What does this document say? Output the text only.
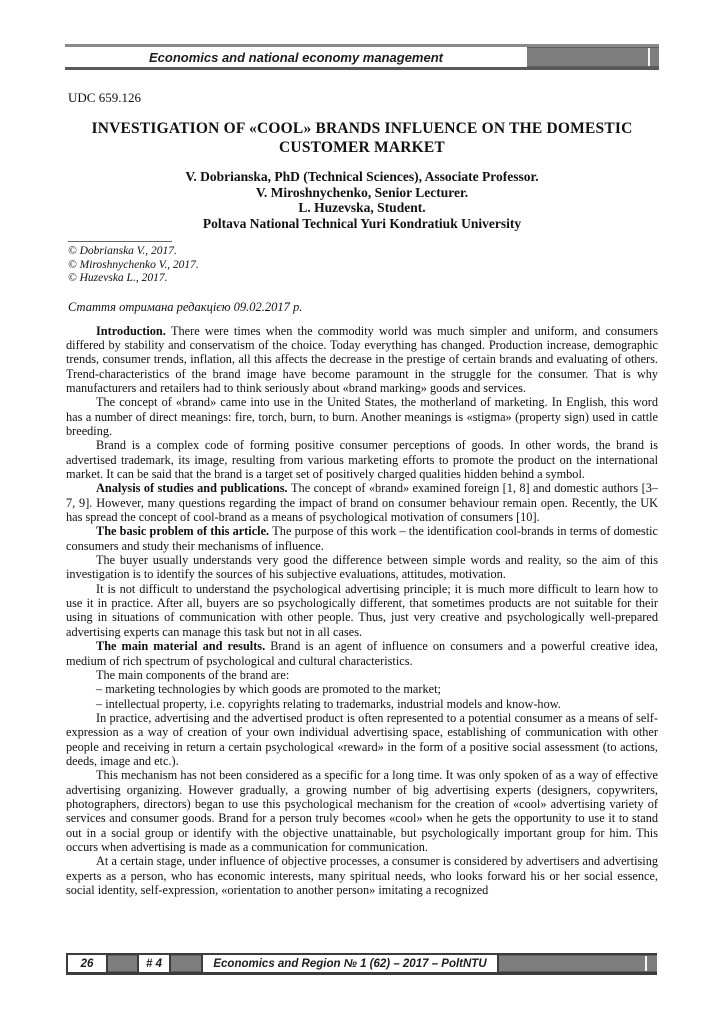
Economics and national economy management
UDC 659.126
INVESTIGATION OF «COOL» BRANDS INFLUENCE ON THE DOMESTIC CUSTOMER MARKET
V. Dobrianska, PhD (Technical Sciences), Associate Professor.
V. Miroshnychenko, Senior Lecturer.
L. Huzevska, Student.
Poltava National Technical Yuri Kondratiuk University
© Dobrianska V., 2017.
© Miroshnychenko V., 2017.
© Huzevska L., 2017.
Стаття отримана редакцією 09.02.2017 р.

Introduction. There were times when the commodity world was much simpler and uniform, and consumers differed by stability and conservatism of the choice. Today everything has changed. Production increase, demographic trends, consumer trends, inflation, all this affects the decrease in the prestige of certain brands and evaluating of others. Trend-characteristics of the brand image have become paramount in the struggle for the consumer. That is why manufacturers and retailers had to think seriously about «brand marking» goods and services.

The concept of «brand» came into use in the United States, the motherland of marketing. In English, this word has a number of direct meanings: fire, torch, burn, to burn. Another meanings is «stigma» (property sign) used in cattle breeding.

Brand is a complex code of forming positive consumer perceptions of goods. In other words, the brand is advertised trademark, its image, resulting from various marketing efforts to promote the product on the international market. It can be said that the brand is a target set of positively charged qualities hidden behind a symbol.

Analysis of studies and publications. The concept of «brand» examined foreign [1, 8] and domestic authors [3–7, 9]. However, many questions regarding the impact of brand on consumer behaviour remain open. Recently, the UK has spread the concept of cool-brand as a means of psychological motivation of consumers [10].

The basic problem of this article. The purpose of this work – the identification cool-brands in terms of domestic consumers and study their mechanisms of influence.

The buyer usually understands very good the difference between simple words and reality, so the aim of this investigation is to identify the sources of his subjective evaluations, attitudes, motivation.

It is not difficult to understand the psychological advertising principle; it is much more difficult to learn how to use it in practice. After all, buyers are so psychologically different, that sometimes products are not suitable for their using in situations of communication with other people. Thus, just very creative and psychologically well-prepared advertising experts can manage this task but not in all cases.

The main material and results. Brand is an agent of influence on consumers and a powerful creative idea, medium of rich spectrum of psychological and cultural characteristics.

The main components of the brand are:

– marketing technologies by which goods are promoted to the market;

– intellectual property, i.e. copyrights relating to trademarks, industrial models and know-how.

In practice, advertising and the advertised product is often represented to a potential consumer as a means of self-expression as a way of creation of your own individual advertising space, establishing of communication with other people and receiving in return a certain psychological «reward» in the form of a positive social assessment (to actions, deeds, image and etc.).

This mechanism has not been considered as a specific for a long time. It was only spoken of as a way of effective advertising organizing. However gradually, a growing number of big advertising experts (designers, copywriters, photographers, directors) began to use this psychological mechanism for the creation of «cool» advertising variety of services and consumer goods. Brand for a person truly becomes «cool» when he gets the opportunity to use it to stand out in a social group or identify with the objective unattainable, but psychologically important group for him. This occurs when advertising is made as a communication for communication.

At a certain stage, under influence of objective processes, a consumer is considered by advertisers and advertising experts as a person, who has economic interests, many spiritual needs, who looks forward his or her social essence, social identity, self-expression, «orientation to another person» imitating a recognized

26	# 4	Economics and Region № 1 (62) – 2017 – PoltNTU
